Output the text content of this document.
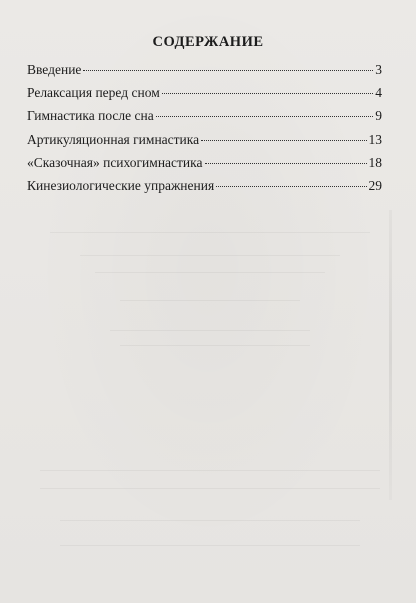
СОДЕРЖАНИЕ
Введение	3
Релаксация перед сном	4
Гимнастика после сна	9
Артикуляционная гимнастика	13
«Сказочная» психогимнастика	18
Кинезиологические упражнения	29
